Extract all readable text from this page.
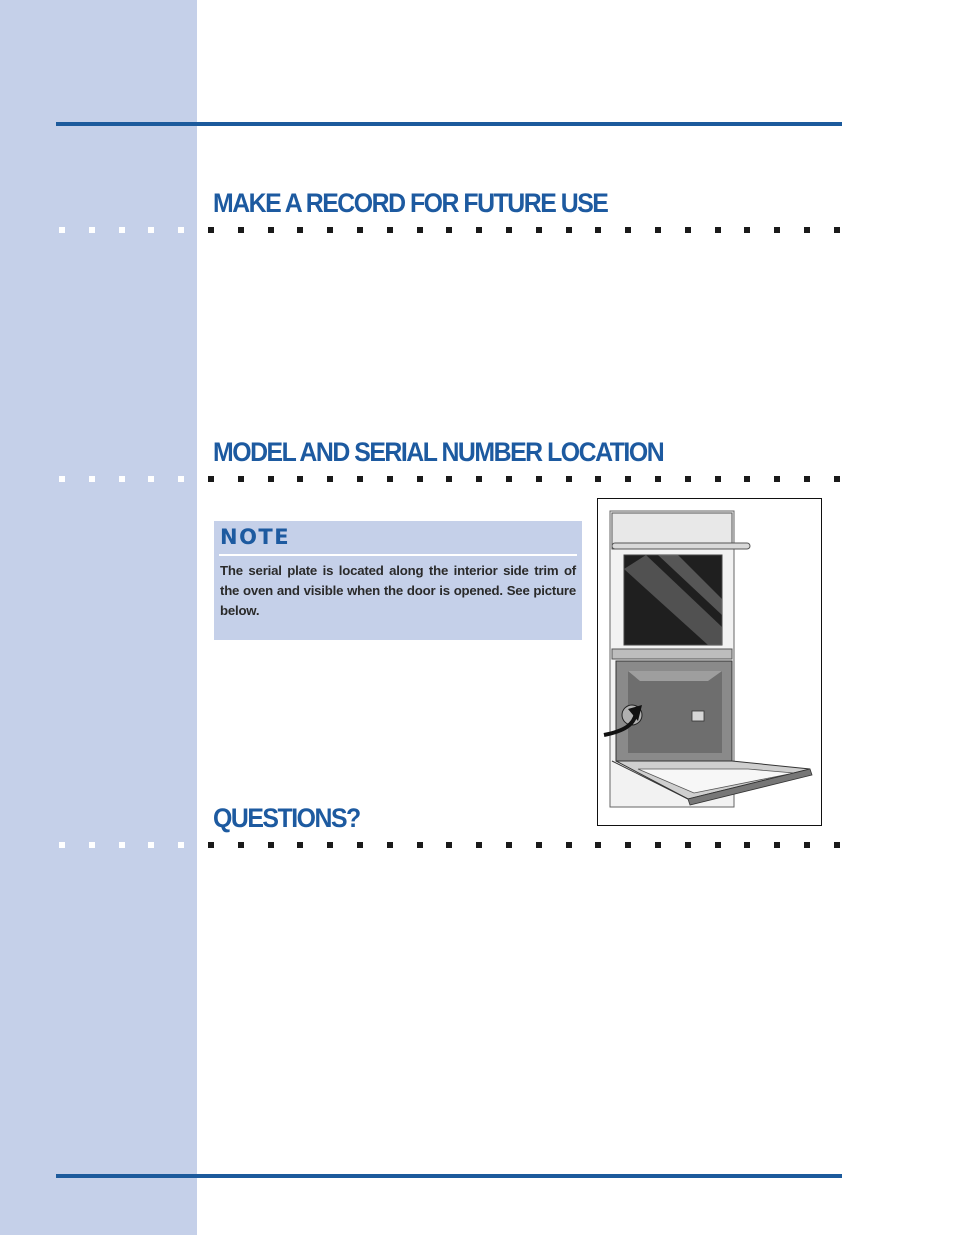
MAKE A RECORD FOR FUTURE USE
MODEL AND SERIAL NUMBER LOCATION
NOTE

The serial plate is located along the interior side trim of the oven and visible when the door is opened. See picture below.

QUESTIONS?
